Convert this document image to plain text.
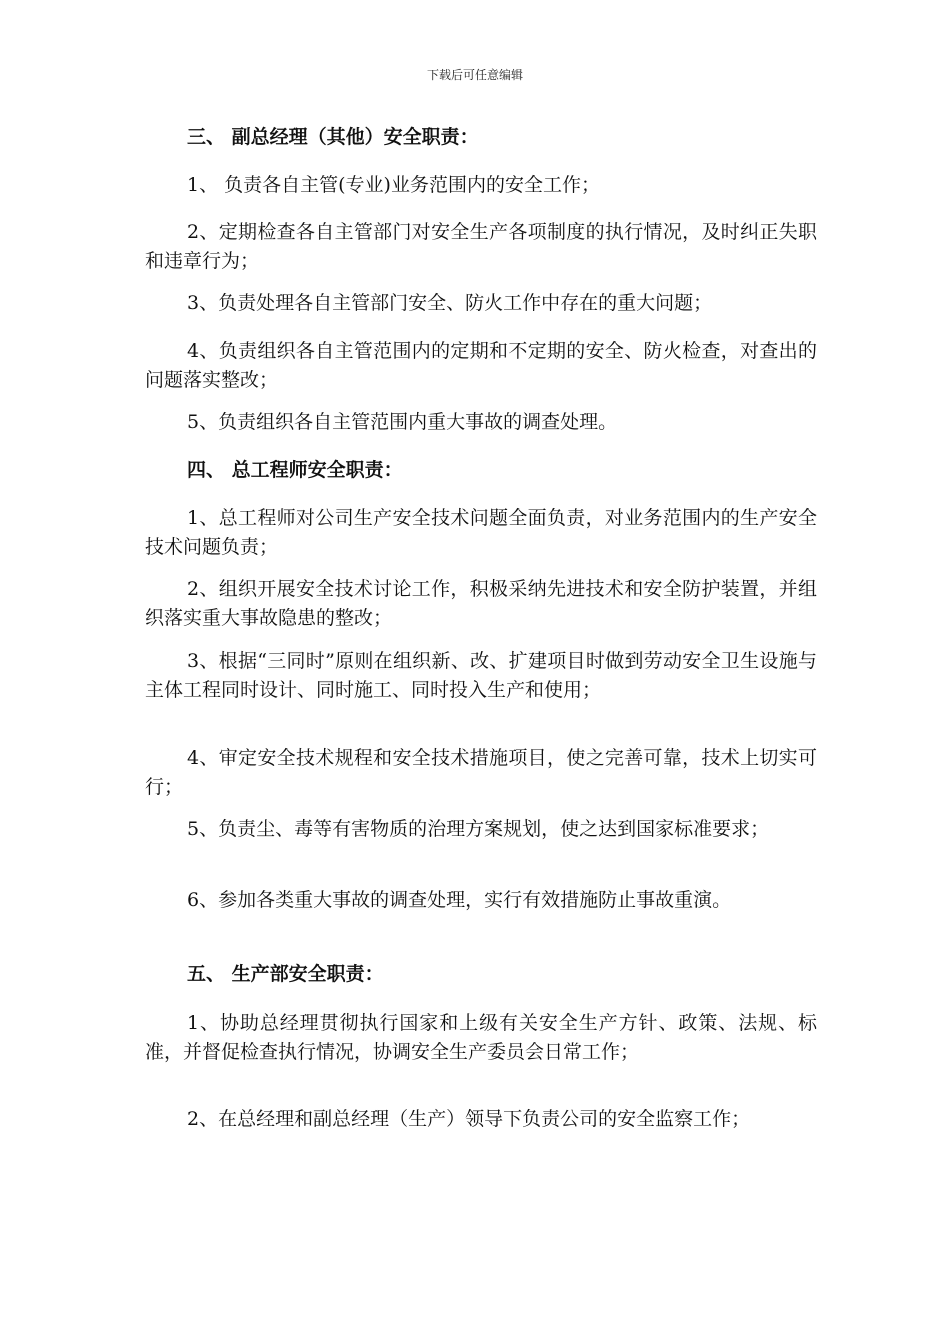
下载后可任意编辑

三、 副总经理（其他）安全职责：

1、 负责各自主管(专业)业务范围内的安全工作；

2、定期检查各自主管部门对安全生产各项制度的执行情况，及时纠正失职和违章行为；

3、负责处理各自主管部门安全、防火工作中存在的重大问题；

4、负责组织各自主管范围内的定期和不定期的安全、防火检查，对查出的问题落实整改；

5、负责组织各自主管范围内重大事故的调查处理。

四、 总工程师安全职责：

1、总工程师对公司生产安全技术问题全面负责，对业务范围内的生产安全技术问题负责；

2、组织开展安全技术讨论工作，积极采纳先进技术和安全防护装置，并组织落实重大事故隐患的整改；

3、根据“三同时”原则在组织新、改、扩建项目时做到劳动安全卫生设施与主体工程同时设计、同时施工、同时投入生产和使用；

4、审定安全技术规程和安全技术措施项目，使之完善可靠，技术上切实可行；

5、负责尘、毒等有害物质的治理方案规划，使之达到国家标准要求；

6、参加各类重大事故的调查处理，实行有效措施防止事故重演。

五、 生产部安全职责：

1、协助总经理贯彻执行国家和上级有关安全生产方针、政策、法规、标准，并督促检查执行情况，协调安全生产委员会日常工作；

2、在总经理和副总经理（生产）领导下负责公司的安全监察工作；
